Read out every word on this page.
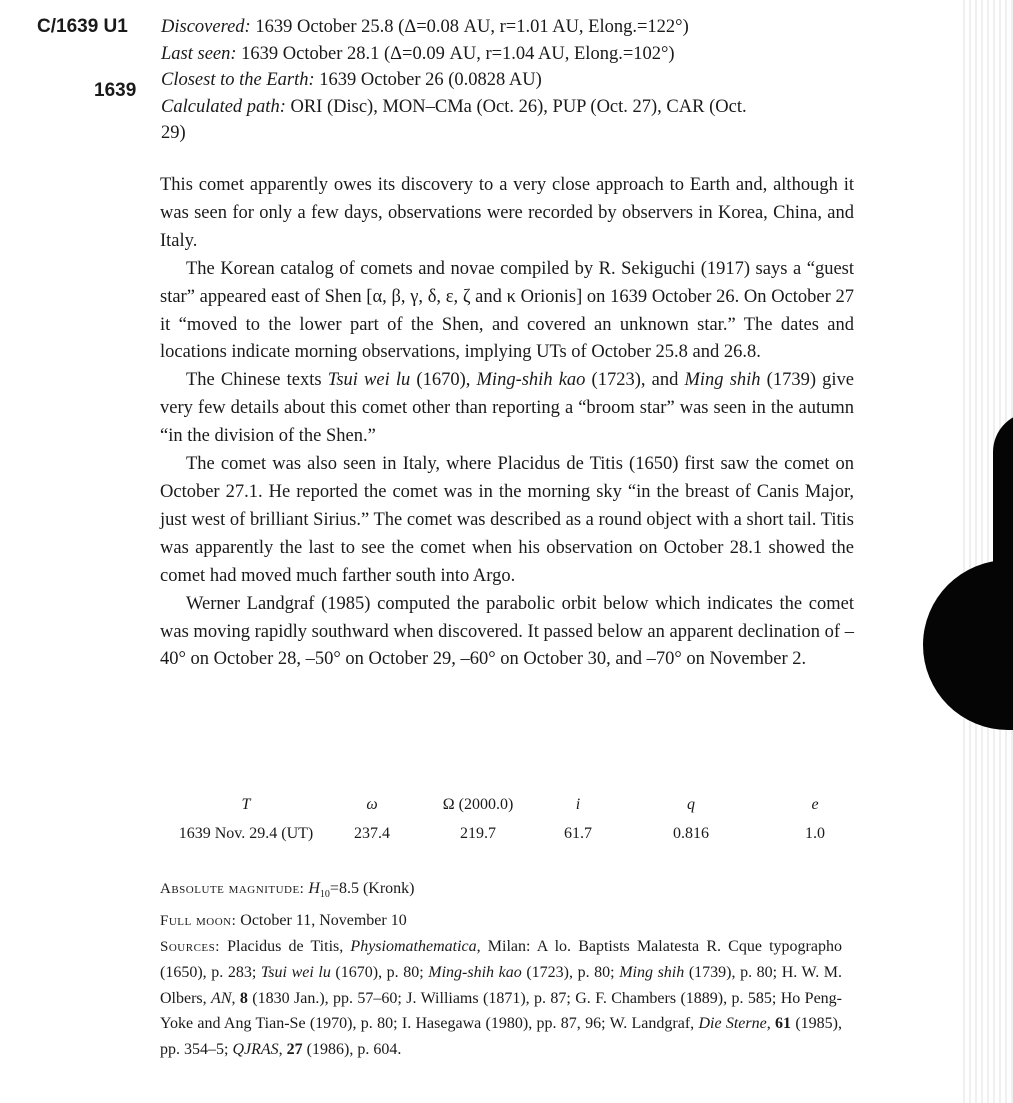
C/1639 U1
1639
Discovered: 1639 October 25.8 (Δ=0.08 AU, r=1.01 AU, Elong.=122°)
Last seen: 1639 October 28.1 (Δ=0.09 AU, r=1.04 AU, Elong.=102°)
Closest to the Earth: 1639 October 26 (0.0828 AU)
Calculated path: ORI (Disc), MON–CMa (Oct. 26), PUP (Oct. 27), CAR (Oct.
29)

This comet apparently owes its discovery to a very close approach to Earth and, although it was seen for only a few days, observations were recorded by observers in Korea, China, and Italy.

The Korean catalog of comets and novae compiled by R. Sekiguchi (1917) says a “guest star” appeared east of Shen [α, β, γ, δ, ε, ζ and κ Orionis] on 1639 October 26. On October 27 it “moved to the lower part of the Shen, and covered an unknown star.” The dates and locations indicate morning observations, implying UTs of October 25.8 and 26.8.

The Chinese texts Tsui wei lu (1670), Ming-shih kao (1723), and Ming shih (1739) give very few details about this comet other than reporting a “broom star” was seen in the autumn “in the division of the Shen.”

The comet was also seen in Italy, where Placidus de Titis (1650) first saw the comet on October 27.1. He reported the comet was in the morning sky “in the breast of Canis Major, just west of brilliant Sirius.” The comet was described as a round object with a short tail. Titis was apparently the last to see the comet when his observation on October 28.1 showed the comet had moved much farther south into Argo.

Werner Landgraf (1985) computed the parabolic orbit below which indicates the comet was moving rapidly southward when discovered. It passed below an apparent declination of –40° on October 28, –50° on October 29, –60° on October 30, and –70° on November 2.

T	ω	Ω (2000.0)	i	q	e
1639 Nov. 29.4 (UT)	237.4	219.7	61.7	0.816	1.0

Absolute magnitude: $H_{10}=8.5$ (Kronk)

Full moon: October 11, November 10

Sources: Placidus de Titis, Physiomathematica, Milan: A lo. Baptists Malatesta R. Cque typographo (1650), p. 283; Tsui wei lu (1670), p. 80; Ming-shih kao (1723), p. 80; Ming shih (1739), p. 80; H. W. M. Olbers, AN, 8 (1830 Jan.), pp. 57–60; J. Williams (1871), p. 87; G. F. Chambers (1889), p. 585; Ho Peng-Yoke and Ang Tian-Se (1970), p. 80; I. Hasegawa (1980), pp. 87, 96; W. Landgraf, Die Sterne, 61 (1985), pp. 354–5; QJRAS, 27 (1986), p. 604.
